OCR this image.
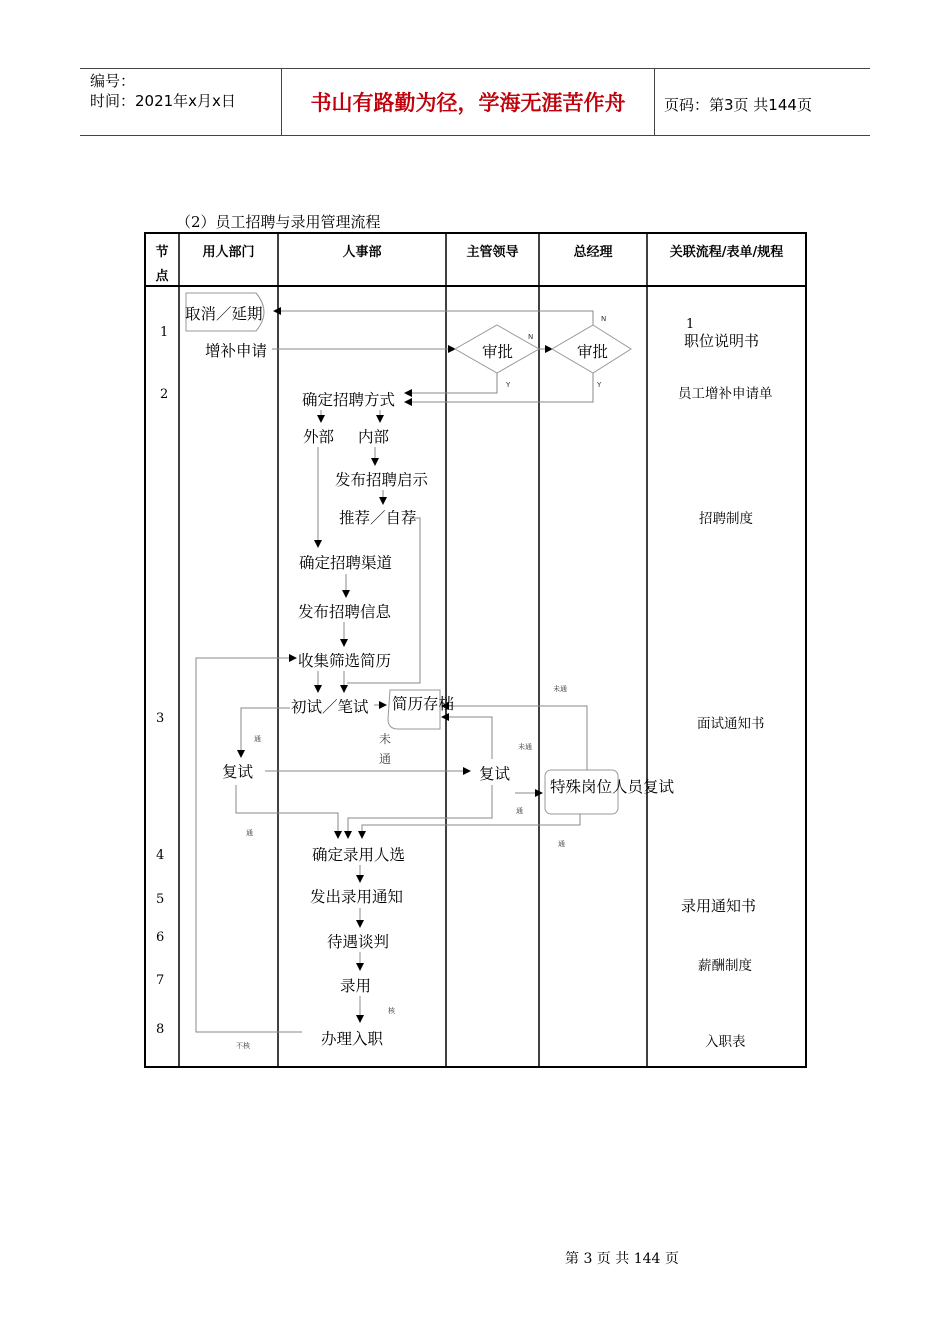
编号：
时间：2021年x月x日	书山有路勤为径，学海无涯苦作舟	页码：第3页 共144页
（2）员工招聘与录用管理流程
节
点
用人部门	人事部	主管领导	总经理	关联流程/表单/规程
1
2
3
4
5
6
7
8
取消／延期
增补申请	审批	审批
确定招聘方式
外部 内部
发布招聘启示
推荐／自荐
确定招聘渠道
发布招聘信息
收集筛选简历
初试／笔试 简历存档
复试	复试
特殊岗位人员复试
确定录用人选
发出录用通知
待遇谈判
录用
办理入职
N
N
Y	Y
通	未
通
未通
未通
通
通
通
核
不核
1
职位说明书
员工增补申请单
招聘制度
面试通知书
录用通知书
薪酬制度
入职表
第 3 页 共 144 页
